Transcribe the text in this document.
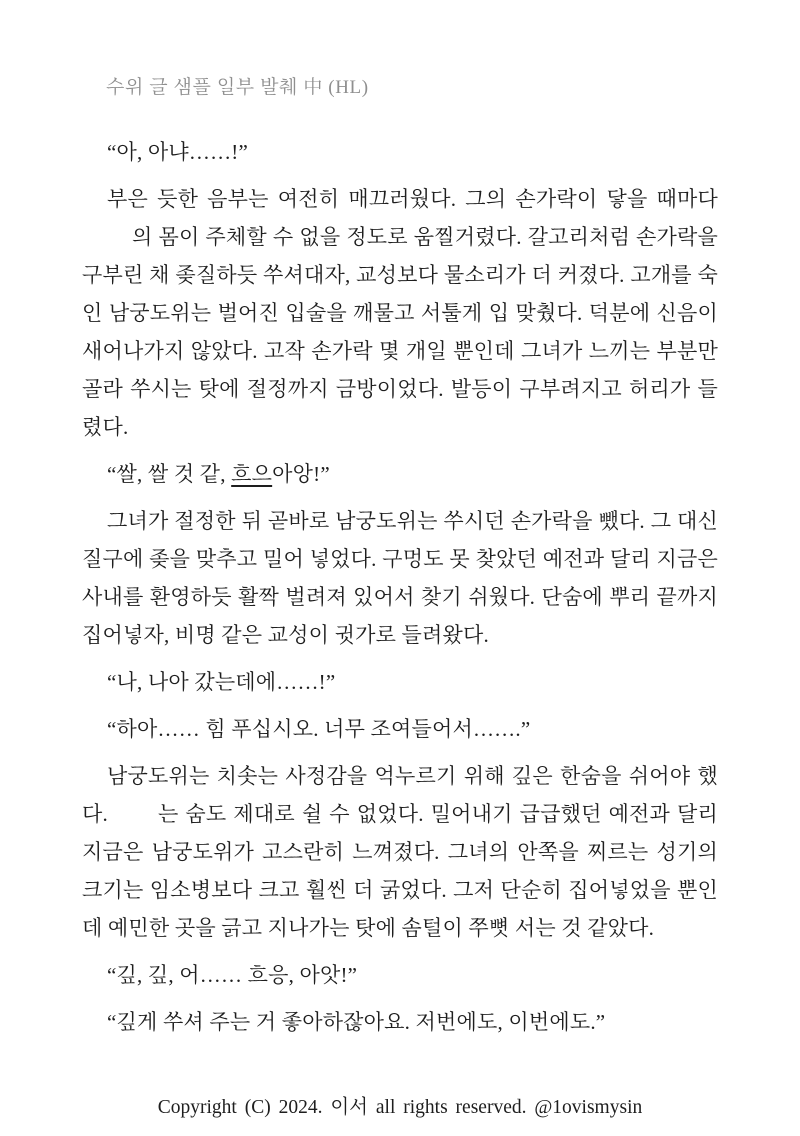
수위 글 샘플 일부 발췌 中 (HL)

“아, 아냐……!”

부은 듯한 음부는 여전히 매끄러웠다. 그의 손가락이 닿을 때마다의 몸이 주체할 수 없을 정도로 움찔거렸다. 갈고리처럼 손가락을 구부린 채 좆질하듯 쑤셔대자, 교성보다 물소리가 더 커졌다. 고개를 숙인 남궁도위는 벌어진 입술을 깨물고 서툴게 입 맞췄다. 덕분에 신음이 새어나가지 않았다. 고작 손가락 몇 개일 뿐인데 그녀가 느끼는 부분만 골라 쑤시는 탓에 절정까지 금방이었다. 발등이 구부려지고 허리가 들렸다.

“쌀, 쌀 것 같, 흐으아앙!”

그녀가 절정한 뒤 곧바로 남궁도위는 쑤시던 손가락을 뺐다. 그 대신 질구에 좆을 맞추고 밀어 넣었다. 구멍도 못 찾았던 예전과 달리 지금은 사내를 환영하듯 활짝 벌려져 있어서 찾기 쉬웠다. 단숨에 뿌리 끝까지 집어넣자, 비명 같은 교성이 귓가로 들려왔다.

“나, 나아 갔는데에……!”

“하아…… 힘 푸십시오. 너무 조여들어서…….”

남궁도위는 치솟는 사정감을 억누르기 위해 깊은 한숨을 쉬어야 했다. 는 숨도 제대로 쉴 수 없었다. 밀어내기 급급했던 예전과 달리 지금은 남궁도위가 고스란히 느껴졌다. 그녀의 안쪽을 찌르는 성기의 크기는 임소병보다 크고 훨씬 더 굵었다. 그저 단순히 집어넣었을 뿐인데 예민한 곳을 긁고 지나가는 탓에 솜털이 쭈뼛 서는 것 같았다.

“깊, 깊, 어…… 흐응, 아앗!”

“깊게 쑤셔 주는 거 좋아하잖아요. 저번에도, 이번에도.”

Copyright (C) 2024. 이서 all rights reserved. @1ovismysin
